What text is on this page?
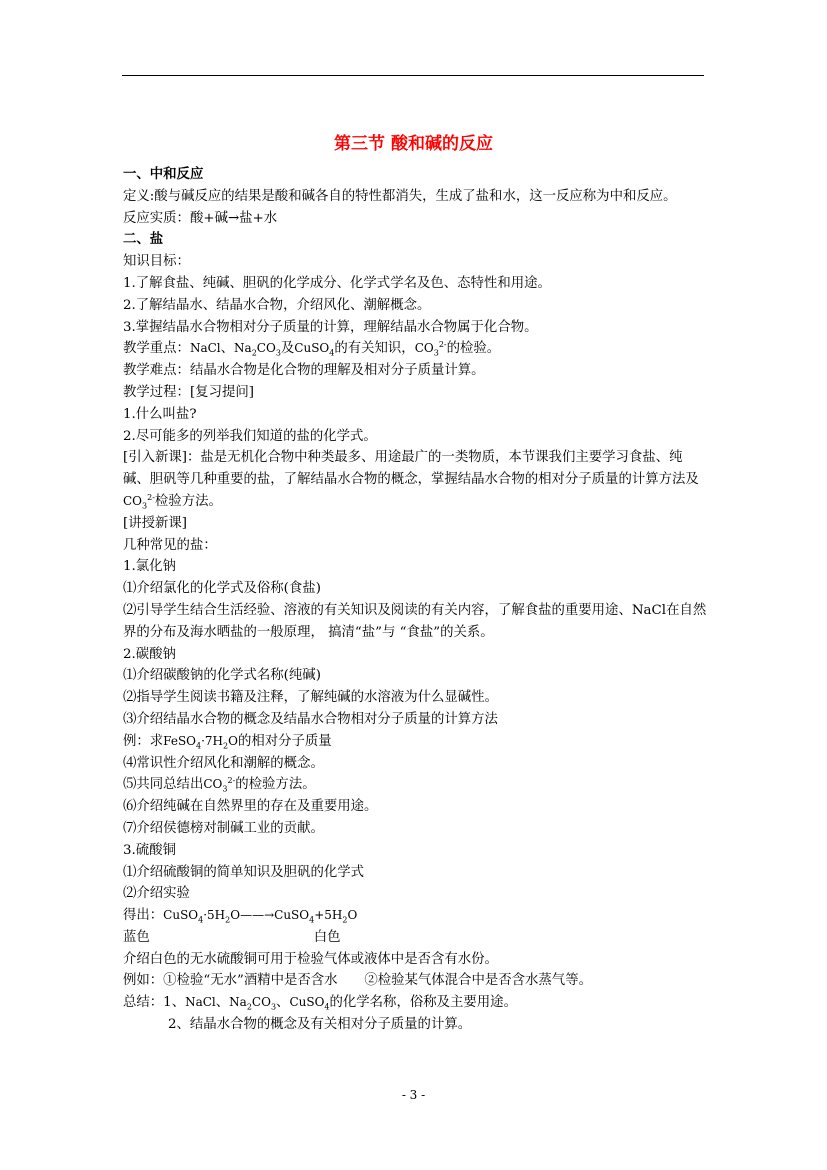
第三节 酸和碱的反应
一、中和反应
定义:酸与碱反应的结果是酸和碱各自的特性都消失，生成了盐和水，这一反应称为中和反应。
反应实质：酸+碱→盐+水
二、盐
知识目标：
1.了解食盐、纯碱、胆矾的化学成分、化学式学名及色、态特性和用途。
2.了解结晶水、结晶水合物，介绍风化、潮解概念。
3.掌握结晶水合物相对分子质量的计算，理解结晶水合物属于化合物。
教学重点：NaCl、$Na_2CO_3$及CuSO$_4$的有关知识，$CO_3^{2-}$的检验。
教学难点：结晶水合物是化合物的理解及相对分子质量计算。
教学过程：[复习提问]
1.什么叫盐?
2.尽可能多的列举我们知道的盐的化学式。
[引入新课]：盐是无机化合物中种类最多、用途最广的一类物质，本节课我们主要学习食盐、纯碱、胆矾等几种重要的盐，了解结晶水合物的概念，掌握结晶水合物的相对分子质量的计算方法及$CO_3^{2-}$检验方法。
[讲授新课]
几种常见的盐：
1.氯化钠
⑴介绍氯化的化学式及俗称(食盐)
⑵引导学生结合生活经验、溶液的有关知识及阅读的有关内容，了解食盐的重要用途、NaCl在自然界的分布及海水晒盐的一般原理， 搞清“盐”与 “食盐”的关系。
2.碳酸钠
⑴介绍碳酸钠的化学式名称(纯碱)
⑵指导学生阅读书籍及注释，了解纯碱的水溶液为什么显碱性。
⑶介绍结晶水合物的概念及结晶水合物相对分子质量的计算方法
例：求$FeSO_4\cdot 7H_2O$的相对分子质量
⑷常识性介绍风化和潮解的概念。
⑸共同总结出$CO_3^{2-}$的检验方法。
⑹介绍纯碱在自然界里的存在及重要用途。
⑺介绍侯德榜对制碱工业的贡献。
3.硫酸铜
⑴介绍硫酸铜的简单知识及胆矾的化学式
⑵介绍实验
得出：$CuSO_4\cdot 5H_2O——\to CuSO_4+5H_2O$
蓝色	白色
介绍白色的无水硫酸铜可用于检验气体或液体中是否含有水份。
例如：①检验“无水”酒精中是否含水　　②检验某气体混合中是否含水蒸气等。
总结：1、NaCl、$Na_2CO_3$、CuSO$_4$的化学名称，俗称及主要用途。
2、结晶水合物的概念及有关相对分子质量的计算。
- 3 -
